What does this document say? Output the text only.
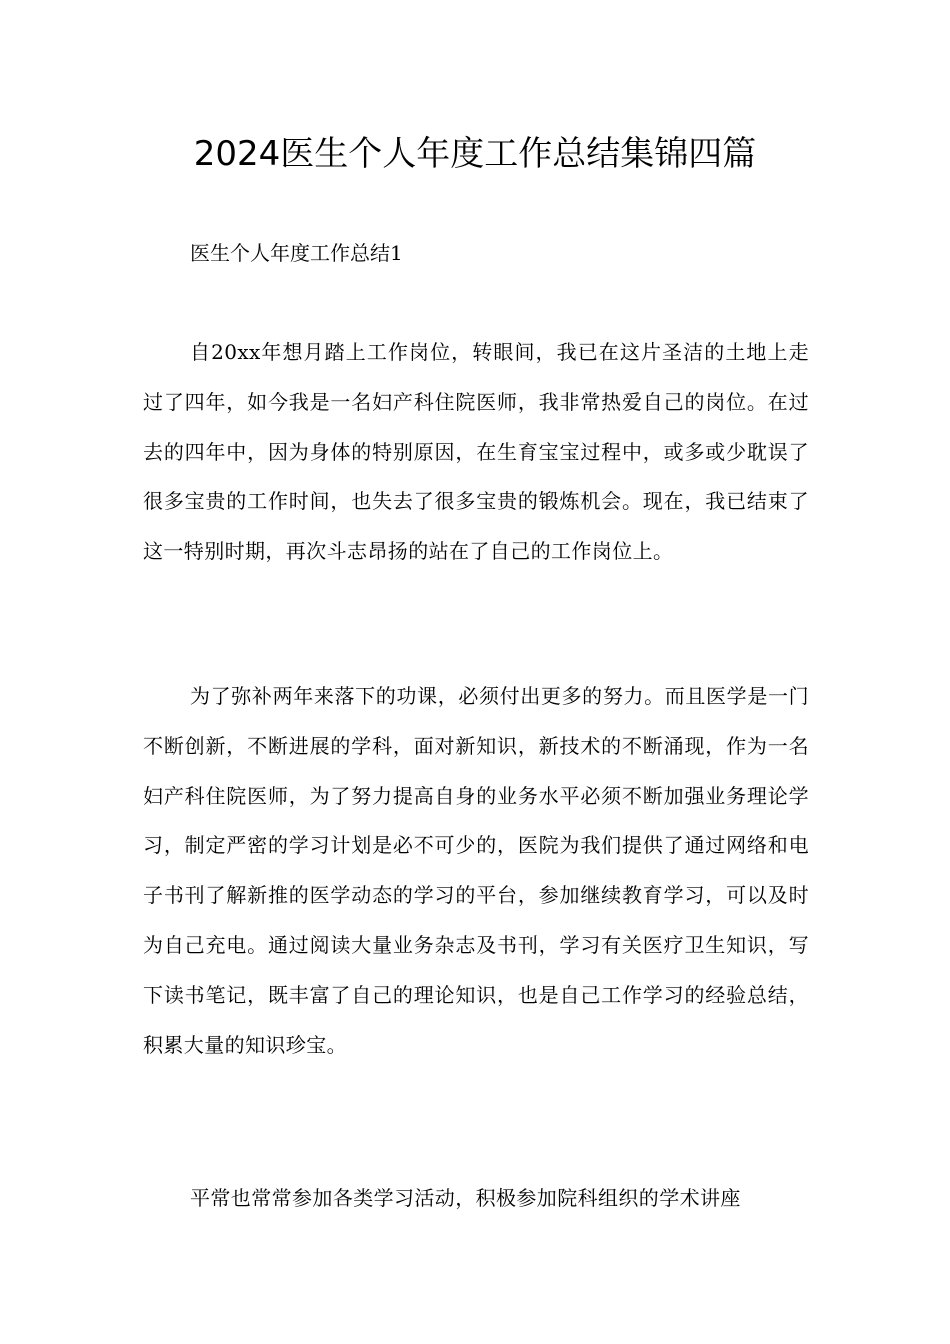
2024医生个人年度工作总结集锦四篇
医生个人年度工作总结1

自20xx年想月踏上工作岗位，转眼间，我已在这片圣洁的土地上走过了四年，如今我是一名妇产科住院医师，我非常热爱自己的岗位。在过去的四年中，因为身体的特别原因，在生育宝宝过程中，或多或少耽误了很多宝贵的工作时间，也失去了很多宝贵的锻炼机会。现在，我已结束了这一特别时期，再次斗志昂扬的站在了自己的工作岗位上。

为了弥补两年来落下的功课，必须付出更多的努力。而且医学是一门不断创新，不断进展的学科，面对新知识，新技术的不断涌现，作为一名妇产科住院医师，为了努力提高自身的业务水平必须不断加强业务理论学习，制定严密的学习计划是必不可少的，医院为我们提供了通过网络和电子书刊了解新推的医学动态的学习的平台，参加继续教育学习，可以及时为自己充电。通过阅读大量业务杂志及书刊，学习有关医疗卫生知识，写下读书笔记，既丰富了自己的理论知识，也是自己工作学习的经验总结，积累大量的知识珍宝。

平常也常常参加各类学习活动，积极参加院科组织的学术讲座
